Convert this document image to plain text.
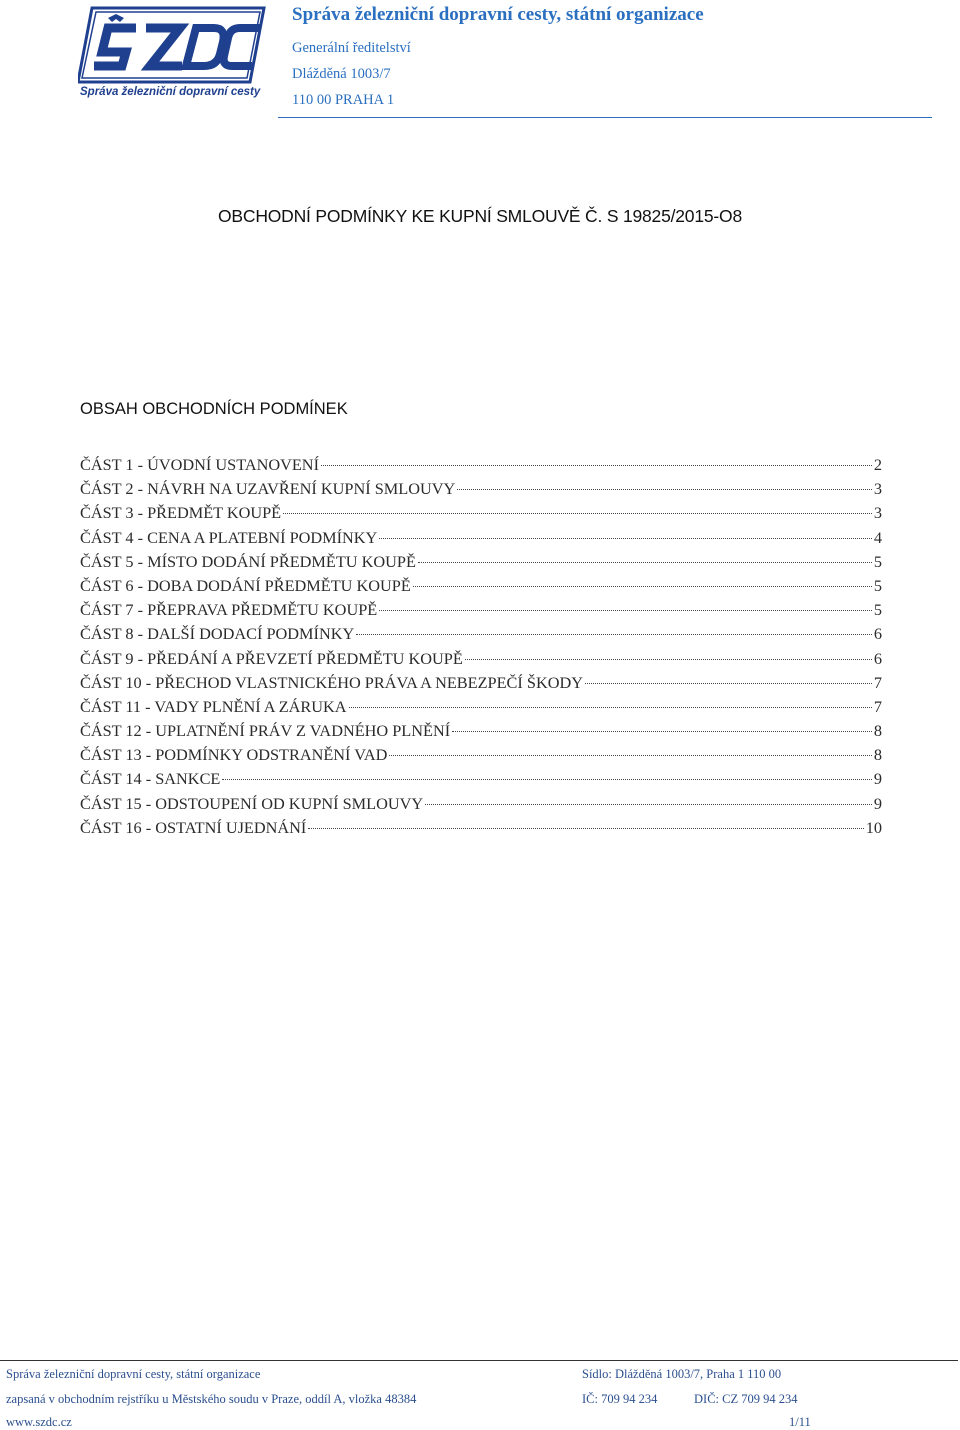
Správa železniční dopravní cesty
Správa železniční dopravní cesty, státní organizace
Generální ředitelství
Dlážděná 1003/7
110 00 PRAHA 1
OBCHODNÍ PODMÍNKY KE KUPNÍ SMLOUVĚ Č. S 19825/2015-O8
OBSAH OBCHODNÍCH PODMÍNEK
ČÁST 1 - ÚVODNÍ USTANOVENÍ	2
ČÁST 2 - NÁVRH NA UZAVŘENÍ KUPNÍ SMLOUVY	3
ČÁST 3 - PŘEDMĚT KOUPĚ	3
ČÁST 4 - CENA A PLATEBNÍ PODMÍNKY	4
ČÁST 5 - MÍSTO DODÁNÍ PŘEDMĚTU KOUPĚ	5
ČÁST 6 - DOBA DODÁNÍ PŘEDMĚTU KOUPĚ	5
ČÁST 7 - PŘEPRAVA PŘEDMĚTU KOUPĚ	5
ČÁST 8 - DALŠÍ DODACÍ PODMÍNKY	6
ČÁST 9 - PŘEDÁNÍ A PŘEVZETÍ PŘEDMĚTU KOUPĚ	6
ČÁST 10 - PŘECHOD VLASTNICKÉHO PRÁVA A NEBEZPEČÍ ŠKODY	7
ČÁST 11 - VADY PLNĚNÍ A ZÁRUKA	7
ČÁST 12 - UPLATNĚNÍ PRÁV Z VADNÉHO PLNĚNÍ	8
ČÁST 13 - PODMÍNKY ODSTRANĚNÍ VAD	8
ČÁST 14 - SANKCE	9
ČÁST 15 - ODSTOUPENÍ OD KUPNÍ SMLOUVY	9
ČÁST 16 - OSTATNÍ UJEDNÁNÍ	10
Správa železniční dopravní cesty, státní organizace	Sídlo: Dlážděná 1003/7, Praha 1 110 00
zapsaná v obchodním rejstříku u Městského soudu v Praze, oddíl A, vložka 48384	IČ: 709 94 234	DIČ: CZ 709 94 234
www.szdc.cz	1/11
